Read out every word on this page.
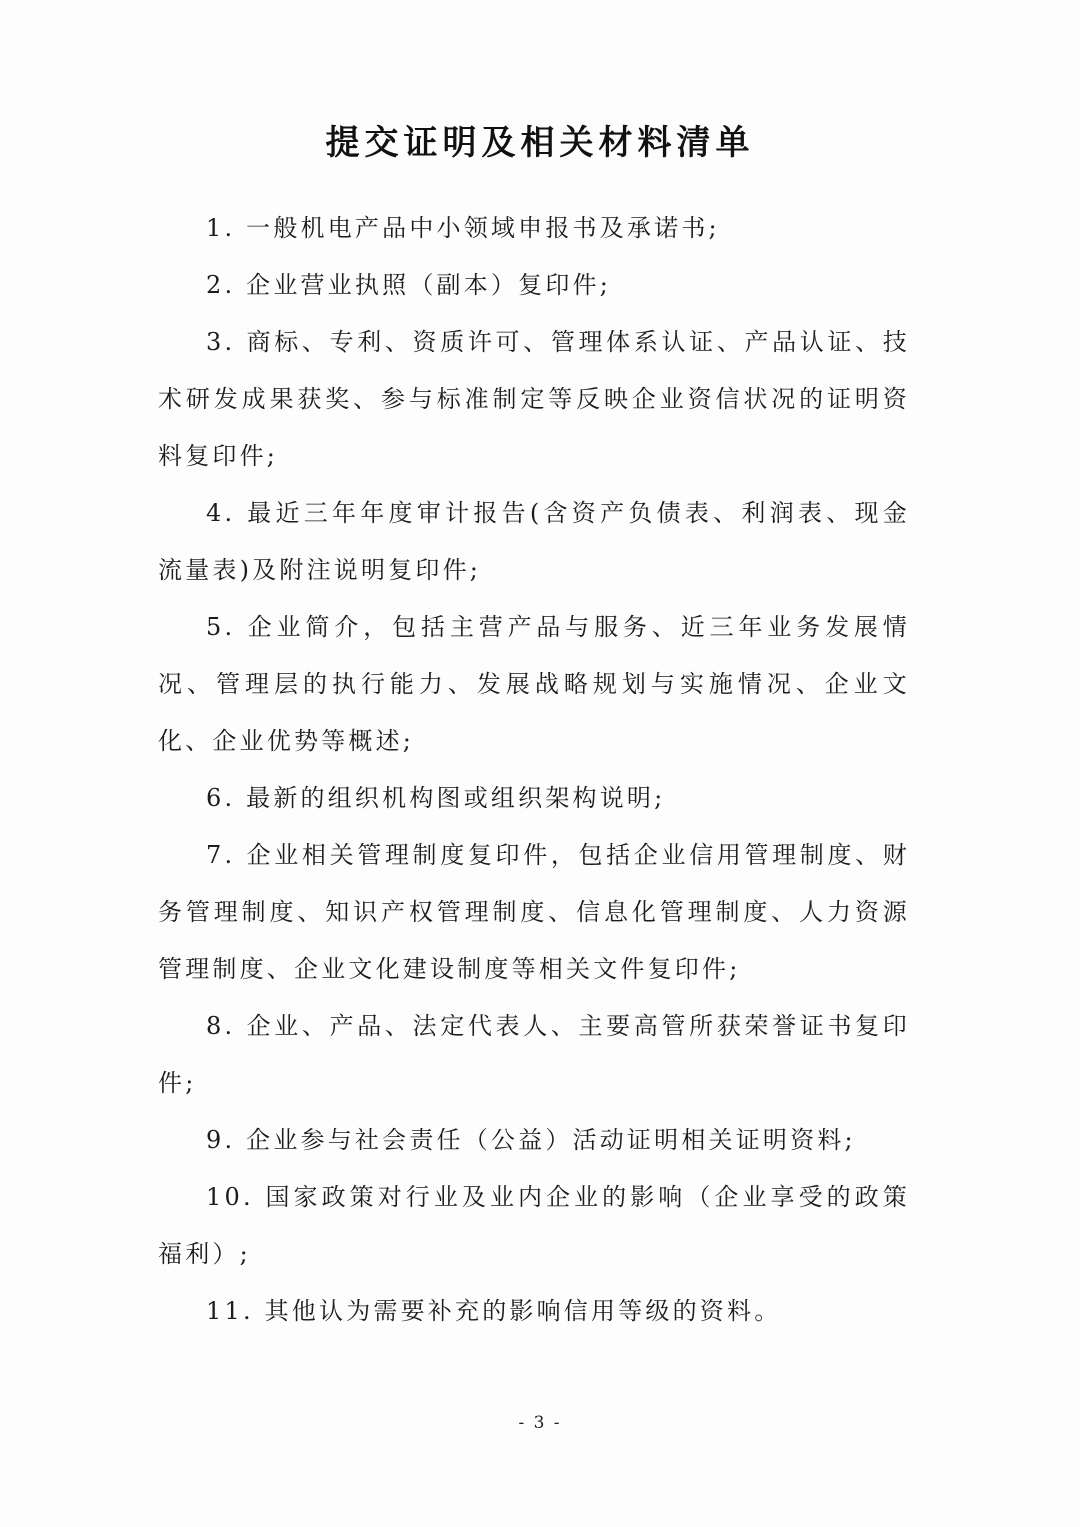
提交证明及相关材料清单
1. 一般机电产品中小领域申报书及承诺书;
2. 企业营业执照（副本）复印件;
3. 商标、专利、资质许可、管理体系认证、产品认证、技术研发成果获奖、参与标准制定等反映企业资信状况的证明资料复印件;
4. 最近三年年度审计报告(含资产负债表、利润表、现金流量表)及附注说明复印件;
5. 企业简介，包括主营产品与服务、近三年业务发展情况、管理层的执行能力、发展战略规划与实施情况、企业文化、企业优势等概述;
6. 最新的组织机构图或组织架构说明;
7. 企业相关管理制度复印件，包括企业信用管理制度、财务管理制度、知识产权管理制度、信息化管理制度、人力资源管理制度、企业文化建设制度等相关文件复印件;
8. 企业、产品、法定代表人、主要高管所获荣誉证书复印件;
9. 企业参与社会责任（公益）活动证明相关证明资料;
10. 国家政策对行业及业内企业的影响（企业享受的政策福利）;
11. 其他认为需要补充的影响信用等级的资料。
- 3 -
